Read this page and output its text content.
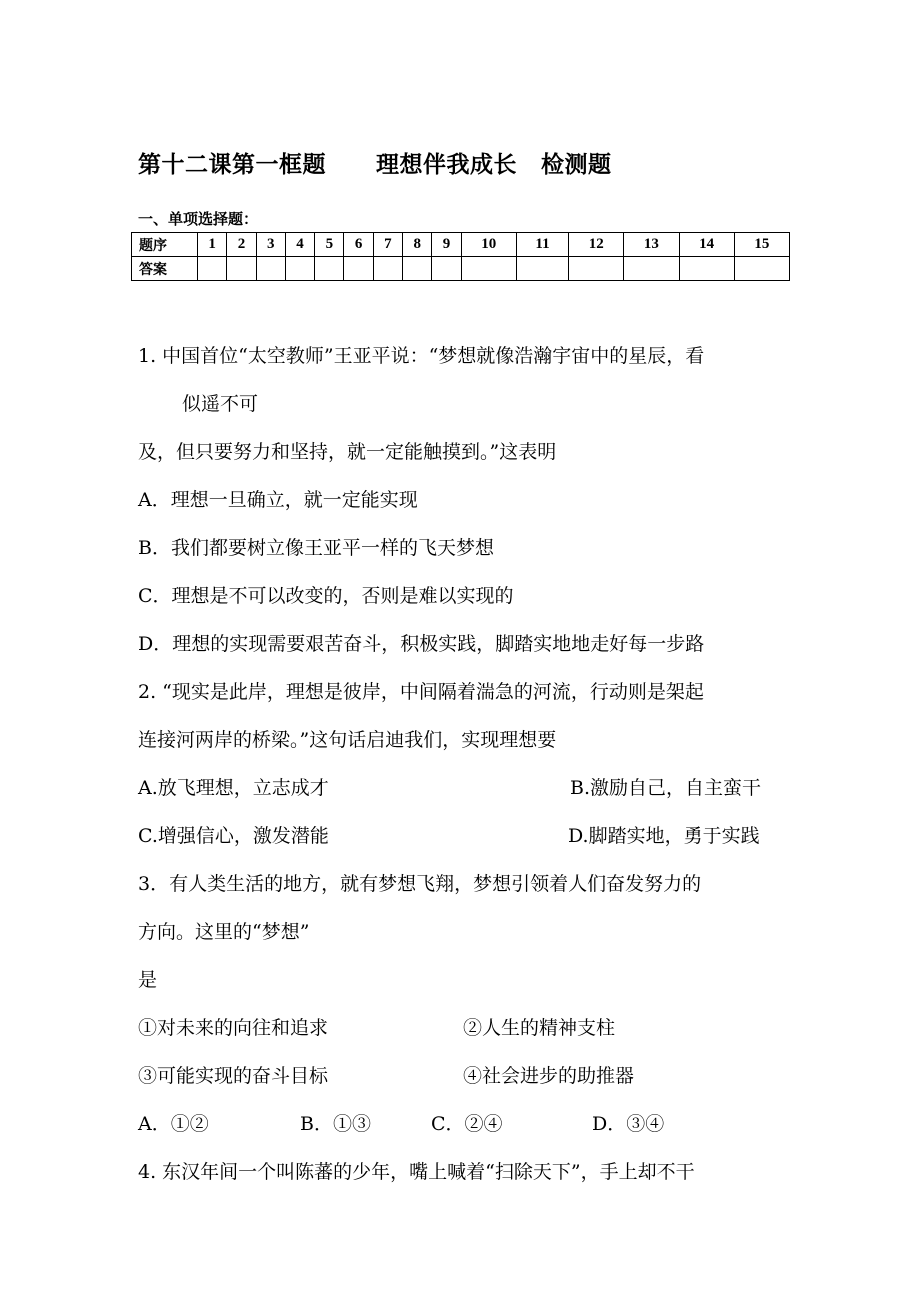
第十二课第一框题 理想伴我成长 检测题
一、单项选择题：
题序	1	2	3	4	5	6	7	8	9	10	11	12	13	14	15
答案															
1. 中国首位“太空教师”王亚平说：“梦想就像浩瀚宇宙中的星辰，看
似遥不可
及，但只要努力和坚持，就一定能触摸到。”这表明
A．理想一旦确立，就一定能实现
B．我们都要树立像王亚平一样的飞天梦想
C．理想是不可以改变的，否则是难以实现的
D．理想的实现需要艰苦奋斗，积极实践，脚踏实地地走好每一步路
2. “现实是此岸，理想是彼岸，中间隔着湍急的河流，行动则是架起
连接河两岸的桥梁。”这句话启迪我们，实现理想要
A.放飞理想，立志成才	B.激励自己，自主蛮干
C.增强信心，激发潜能	D.脚踏实地，勇于实践
3．有人类生活的地方，就有梦想飞翔，梦想引领着人们奋发努力的
方向。这里的“梦想”
是
①对未来的向往和追求	②人生的精神支柱
③可能实现的奋斗目标	④社会进步的助推器
A．①②	B．①③	C．②④	D．③④
4. 东汉年间一个叫陈蕃的少年，嘴上喊着“扫除天下”，手上却不干
